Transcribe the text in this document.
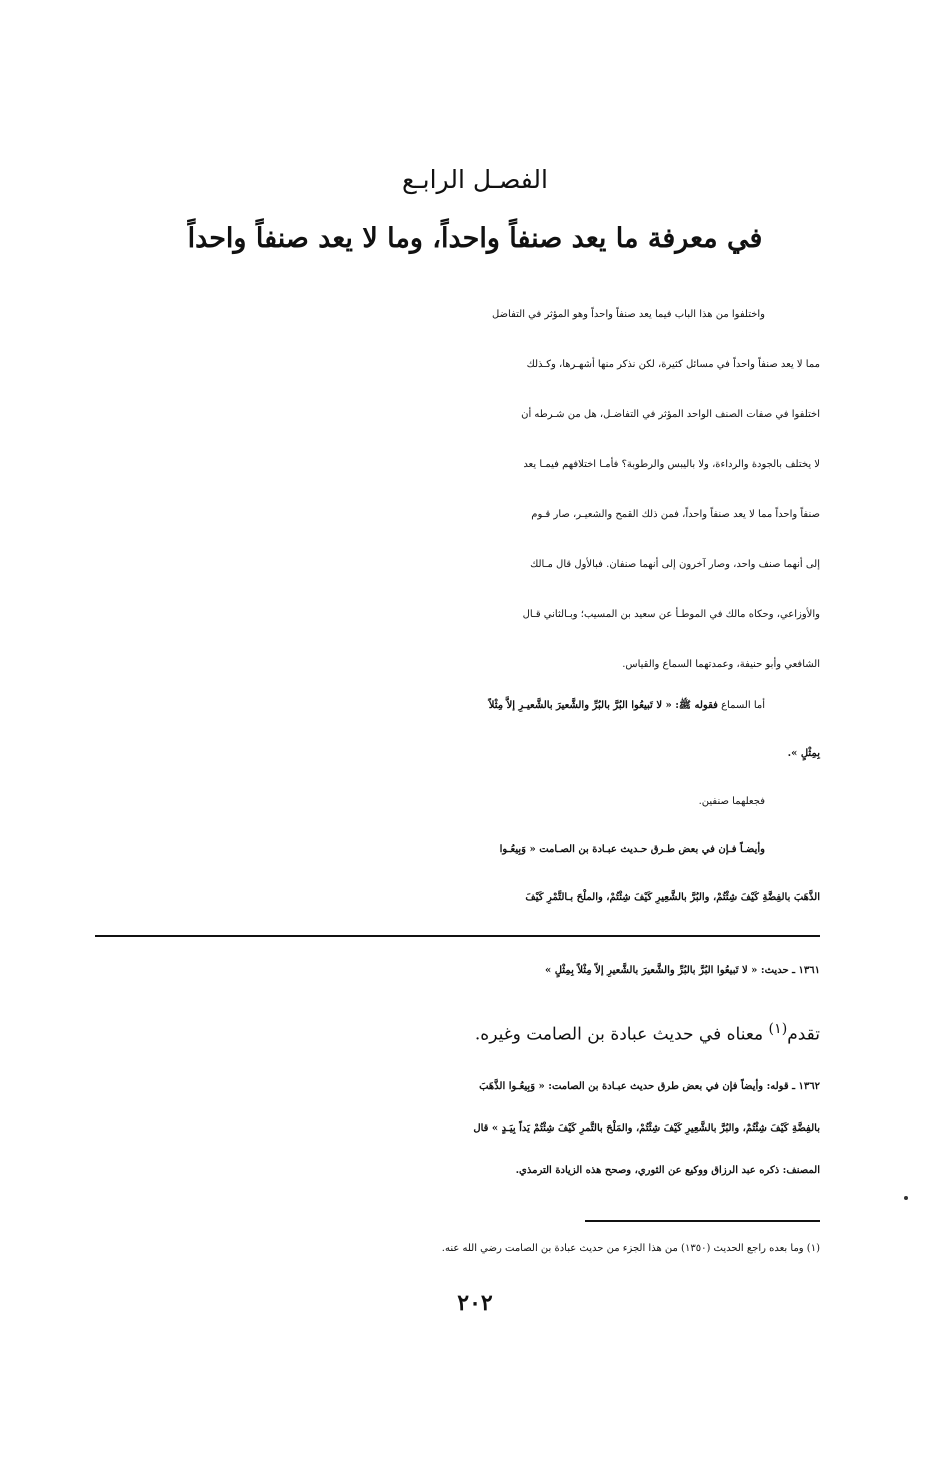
الفصـل الرابـع
في معرفة ما يعد صنفاً واحداً، وما لا يعد صنفاً واحداً
واختلفوا من هذا الباب فيما يعد صنفاً واحداً وهو المؤثر في التفاضل
مما لا يعد صنفاً واحداً في مسائل كثيرة، لكن نذكر منها أشهـرها، وكـذلك
اختلفوا في صفات الصنف الواحد المؤثر في التفاضـل، هل من شـرطه أن
لا يختلف بالجودة والرداءة، ولا باليبس والرطوبة؟ فأمـا اختلافهم فيمـا يعد
صنفاً واحداً مما لا يعد صنفاً واحداً، فمن ذلك القمح والشعيـر، صار قـوم
إلى أنهما صنف واحد، وصار آخرون إلى أنهما صنفان. فبالأول قال مـالك
والأوزاعي، وحكاه مالك في الموطـأ عن سعيد بن المسيب؛ وبـالثاني قـال
الشافعي وأبو حنيفة، وعمدتهما السماع والقياس.
أما السماع فقوله ﷺ: « لا تَبيعُوا البُرَّ بالبُرِّ والشَّعيرَ بالشَّعيـرِ إلاَّ مِثْلاً
بِمِثْلٍ ».
فجعلهما صنفين.
وأيضـاً فـإن في بعض طـرق حـديث عبـادة بن الصـامت « وَبِيعُـوا
الذَّهَبَ بالفِضَّةِ كَيْفَ شِئْتُمْ، والبُرَّ بالشَّعِيرِ كَيْفَ شِئْتُمْ، والملْحَ بـالتَّمْرِ كَيْفَ
١٣٦١ ـ حديث: « لا تَبيعُوا البُرَّ بالبُرِّ والشَّعيرَ بالشَّعيرِ إلاّ مِثْلاً بِمِثْلٍ »
تقدم$^{(١)}$ معناه في حديث عبادة بن الصامت وغيره.
١٣٦٢ ـ قوله: وأيضاً فإن في بعض طرق حديث عبـادة بن الصامت: « وَبِيعُـوا الذَّهَبَ
بالفِضَّةِ كَيْفَ شِئْتُمْ، والبُرَّ بالشَّعِيرِ كَيْفَ شِئْتُمْ، والمَلْحَ بالتَّمرِ كَيْفَ شِئْتُمْ يَداً بِيَـدٍ » قال
المصنف: ذكره عبد الرزاق ووكيع عن الثوري، وصحح هذه الزيادة الترمذي.
(١) وما بعده راجع الحديث (١٣٥٠) من هذا الجزء من حديث عبادة بن الصامت رضي الله عنه.
٢٠٢
